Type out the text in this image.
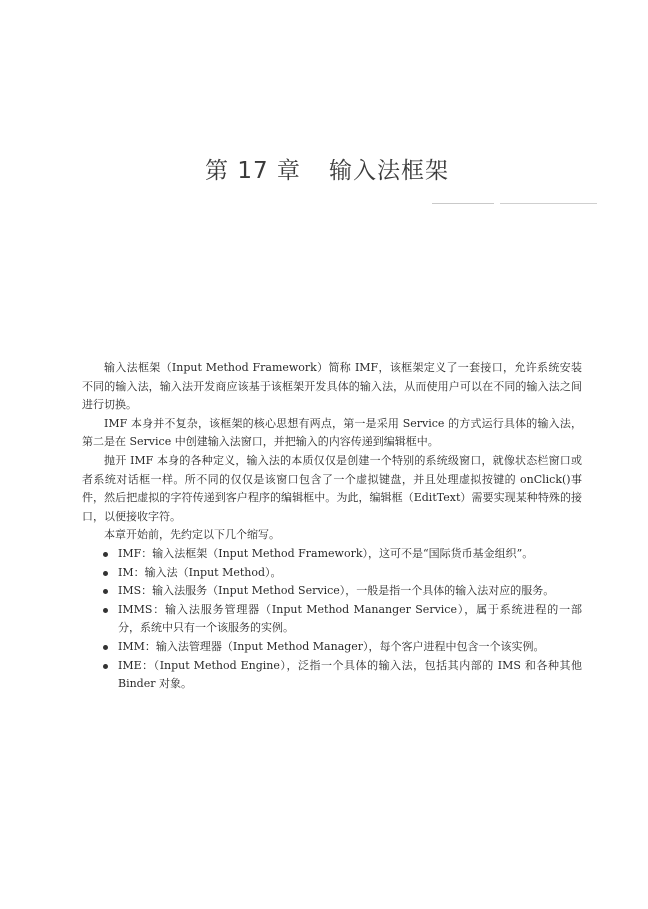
第 17 章 输入法框架

输入法框架（Input Method Framework）简称 IMF，该框架定义了一套接口，允许系统安装不同的输入法，输入法开发商应该基于该框架开发具体的输入法，从而使用户可以在不同的输入法之间进行切换。

IMF 本身并不复杂，该框架的核心思想有两点，第一是采用 Service 的方式运行具体的输入法，第二是在 Service 中创建输入法窗口，并把输入的内容传递到编辑框中。

抛开 IMF 本身的各种定义，输入法的本质仅仅是创建一个特别的系统级窗口，就像状态栏窗口或者系统对话框一样。所不同的仅仅是该窗口包含了一个虚拟键盘，并且处理虚拟按键的 onClick()事件，然后把虚拟的字符传递到客户程序的编辑框中。为此，编辑框（EditText）需要实现某种特殊的接口，以便接收字符。

本章开始前，先约定以下几个缩写。

IMF：输入法框架（Input Method Framework），这可不是“国际货币基金组织”。
IM：输入法（Input Method）。
IMS：输入法服务（Input Method Service），一般是指一个具体的输入法对应的服务。
IMMS：输入法服务管理器（Input Method Mananger Service），属于系统进程的一部分，系统中只有一个该服务的实例。
IMM：输入法管理器（Input Method Manager），每个客户进程中包含一个该实例。
IME：（Input Method Engine），泛指一个具体的输入法，包括其内部的 IMS 和各种其他 Binder 对象。
